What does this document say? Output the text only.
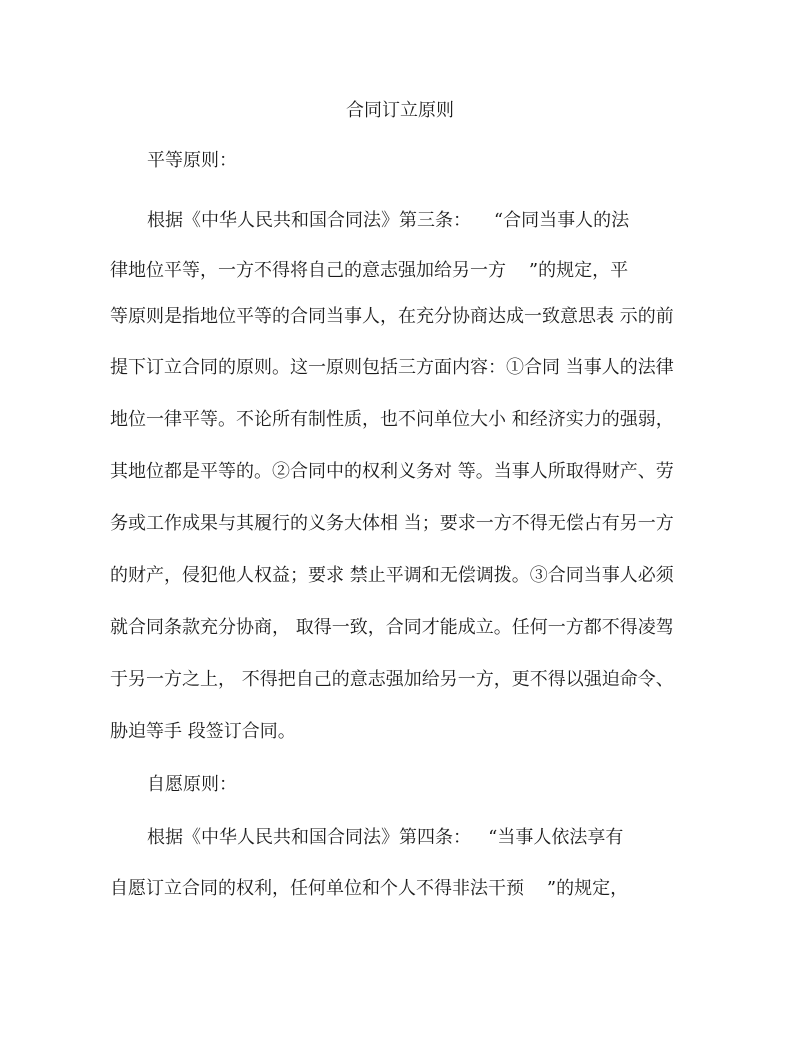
合同订立原则
平等原则：
根据《中华人民共和国合同法》第三条：    “合同当事人的法
律地位平等，一方不得将自己的意志强加给另一方    ”的规定，平
等原则是指地位平等的合同当事人，在充分协商达成一致意思表 示的前
提下订立合同的原则。这一原则包括三方面内容：①合同 当事人的法律
地位一律平等。不论所有制性质，也不问单位大小 和经济实力的强弱，
其地位都是平等的。②合同中的权利义务对 等。当事人所取得财产、劳
务或工作成果与其履行的义务大体相 当；要求一方不得无偿占有另一方
的财产，侵犯他人权益；要求 禁止平调和无偿调拨。③合同当事人必须
就合同条款充分协商， 取得一致，合同才能成立。任何一方都不得凌驾
于另一方之上， 不得把自己的意志强加给另一方，更不得以强迫命令、
胁迫等手 段签订合同。
自愿原则：
根据《中华人民共和国合同法》第四条：   “当事人依法享有
自愿订立合同的权利，任何单位和个人不得非法干预    ”的规定，
